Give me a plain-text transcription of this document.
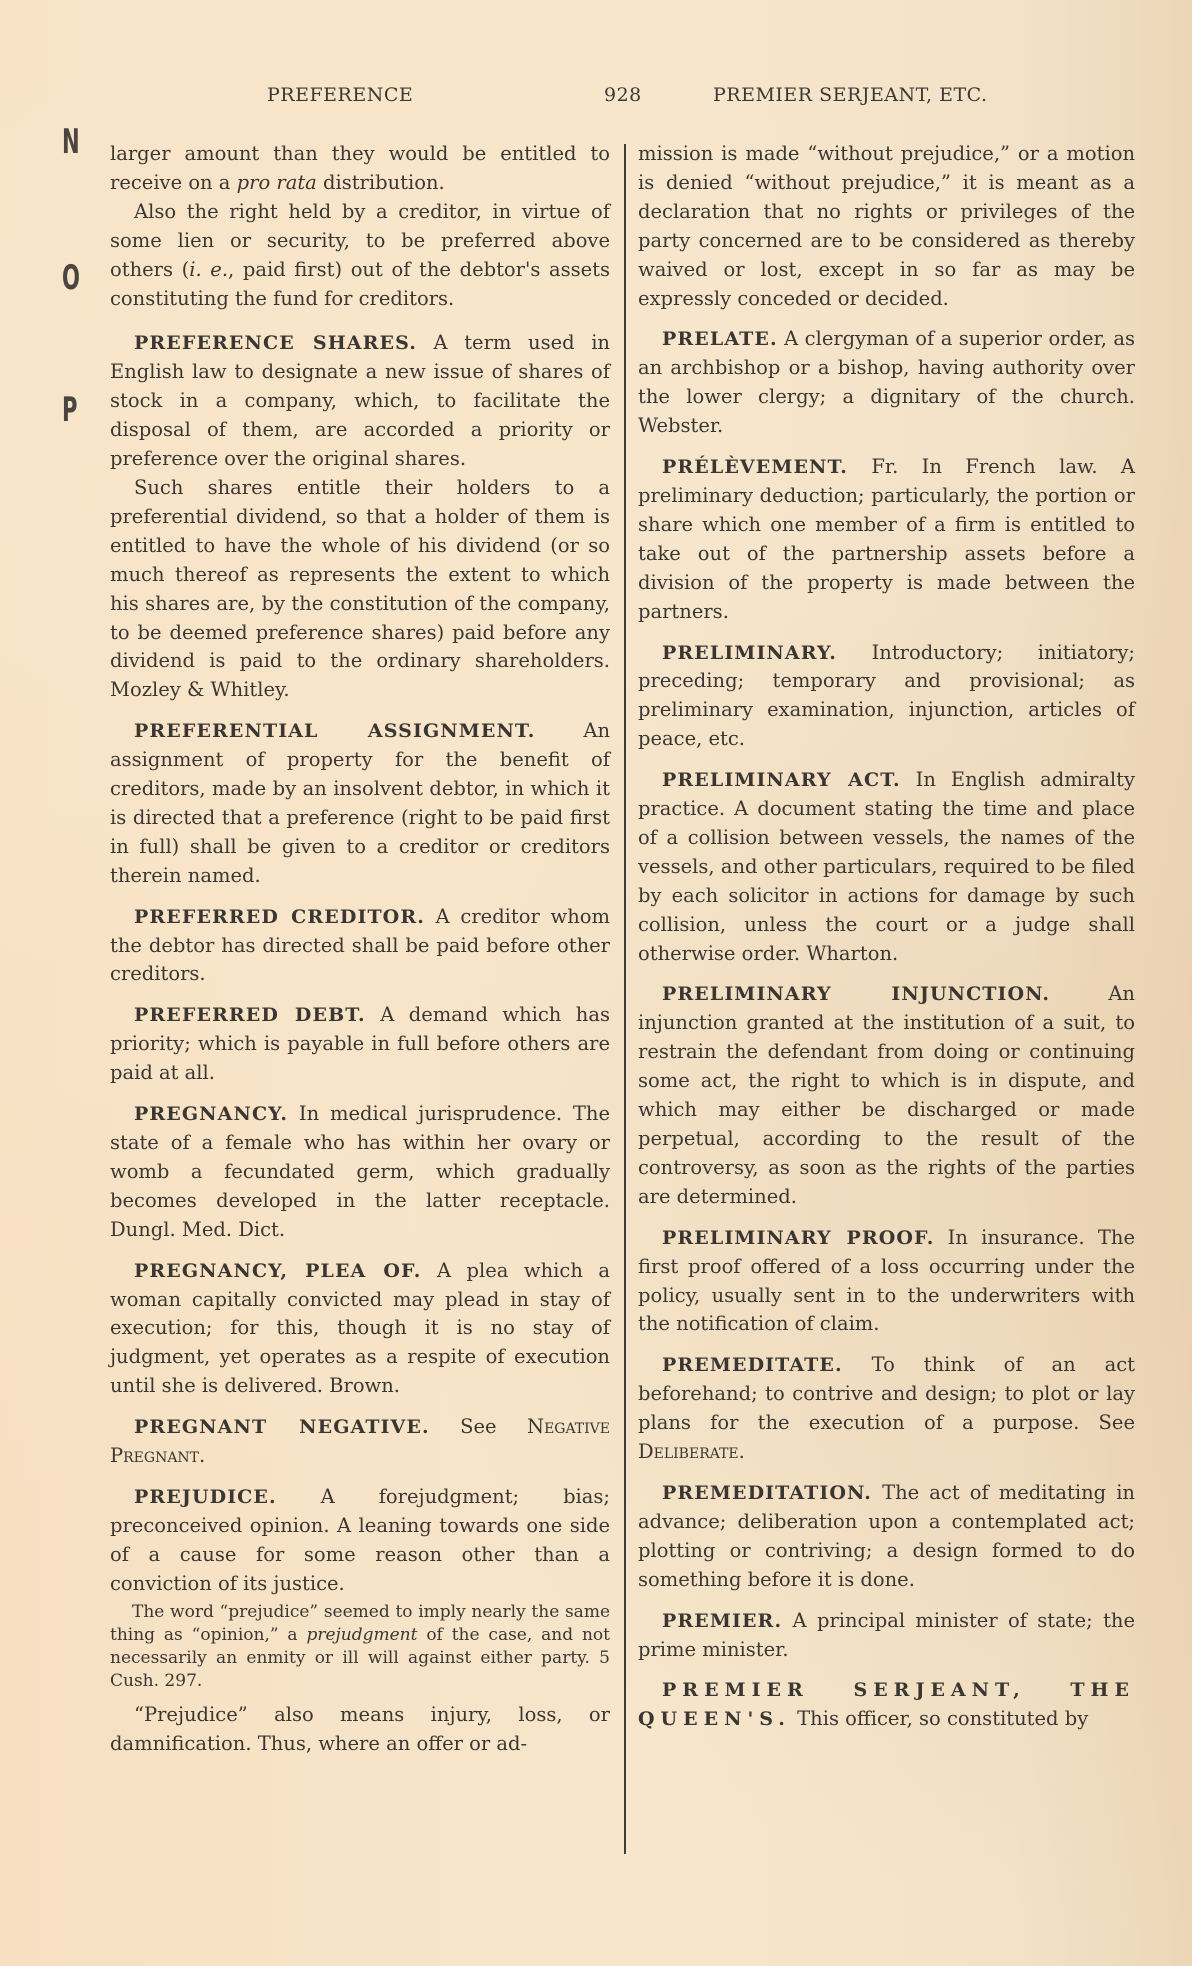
PREFERENCE	928	PREMIER SERJEANT, ETC.
N
O
P

larger amount than they would be entitled to receive on a pro rata distribution.

Also the right held by a creditor, in virtue of some lien or security, to be preferred above others (i. e., paid first) out of the debtor's assets constituting the fund for creditors.

PREFERENCE SHARES. A term used in English law to designate a new issue of shares of stock in a company, which, to facilitate the disposal of them, are accorded a priority or preference over the original shares.

Such shares entitle their holders to a preferential dividend, so that a holder of them is entitled to have the whole of his dividend (or so much thereof as represents the extent to which his shares are, by the constitution of the company, to be deemed preference shares) paid before any dividend is paid to the ordinary shareholders. Mozley & Whitley.

PREFERENTIAL ASSIGNMENT. An assignment of property for the benefit of creditors, made by an insolvent debtor, in which it is directed that a preference (right to be paid first in full) shall be given to a creditor or creditors therein named.

PREFERRED CREDITOR. A creditor whom the debtor has directed shall be paid before other creditors.

PREFERRED DEBT. A demand which has priority; which is payable in full before others are paid at all.

PREGNANCY. In medical jurisprudence. The state of a female who has within her ovary or womb a fecundated germ, which gradually becomes developed in the latter receptacle. Dungl. Med. Dict.

PREGNANCY, PLEA OF. A plea which a woman capitally convicted may plead in stay of execution; for this, though it is no stay of judgment, yet operates as a respite of execution until she is delivered. Brown.

PREGNANT NEGATIVE. See Negative Pregnant.

PREJUDICE. A forejudgment; bias; preconceived opinion. A leaning towards one side of a cause for some reason other than a conviction of its justice.

The word “prejudice” seemed to imply nearly the same thing as “opinion,” a prejudgment of the case, and not necessarily an enmity or ill will against either party. 5 Cush. 297.

“Prejudice” also means injury, loss, or damnification. Thus, where an offer or ad-

mission is made “without prejudice,” or a motion is denied “without prejudice,” it is meant as a declaration that no rights or privileges of the party concerned are to be considered as thereby waived or lost, except in so far as may be expressly conceded or decided.

PRELATE. A clergyman of a superior order, as an archbishop or a bishop, having authority over the lower clergy; a dignitary of the church. Webster.

PRÉLÈVEMENT. Fr. In French law. A preliminary deduction; particularly, the portion or share which one member of a firm is entitled to take out of the partnership assets before a division of the property is made between the partners.

PRELIMINARY. Introductory; initiatory; preceding; temporary and provisional; as preliminary examination, injunction, articles of peace, etc.

PRELIMINARY ACT. In English admiralty practice. A document stating the time and place of a collision between vessels, the names of the vessels, and other particulars, required to be filed by each solicitor in actions for damage by such collision, unless the court or a judge shall otherwise order. Wharton.

PRELIMINARY INJUNCTION.	An injunction granted at the institution of a suit, to restrain the defendant from doing or continuing some act, the right to which is in dispute, and which may either be discharged or made perpetual, according to the result of the controversy, as soon as the rights of the parties are determined.

PRELIMINARY PROOF. In insurance. The first proof offered of a loss occurring under the policy, usually sent in to the underwriters with the notification of claim.

PREMEDITATE. To think of an act beforehand; to contrive and design; to plot or lay plans for the execution of a purpose. See Deliberate.

PREMEDITATION. The act of meditating in advance; deliberation upon a contemplated act; plotting or contriving; a design formed to do something before it is done.

PREMIER. A principal minister of state; the prime minister.

PREMIER SERJEANT, THE QUEEN'S. This officer, so constituted by
